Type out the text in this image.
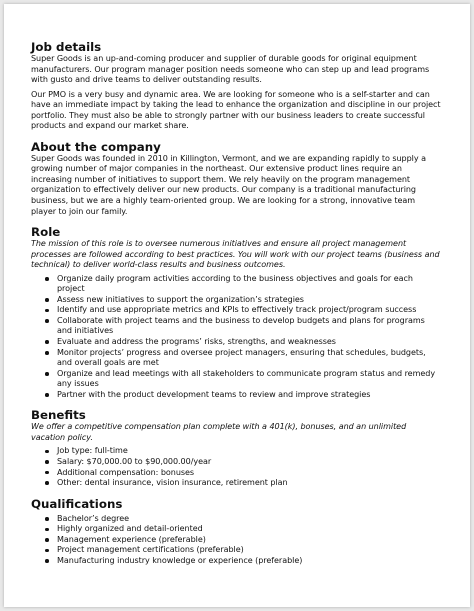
Job details

Super Goods is an up-and-coming producer and supplier of durable goods for original equipment manufacturers. Our program manager position needs someone who can step up and lead programs with gusto and drive teams to deliver outstanding results.

Our PMO is a very busy and dynamic area. We are looking for someone who is a self-starter and can have an immediate impact by taking the lead to enhance the organization and discipline in our project portfolio. They must also be able to strongly partner with our business leaders to create successful products and expand our market share.

About the company

Super Goods was founded in 2010 in Killington, Vermont, and we are expanding rapidly to supply a growing number of major companies in the northeast. Our extensive product lines require an increasing number of initiatives to support them. We rely heavily on the program management organization to effectively deliver our new products. Our company is a traditional manufacturing business, but we are a highly team-oriented group. We are looking for a strong, innovative team player to join our family.

Role

The mission of this role is to oversee numerous initiatives and ensure all project management processes are followed according to best practices. You will work with our project teams (business and technical) to deliver world-class results and business outcomes.

Organize daily program activities according to the business objectives and goals for each project
Assess new initiatives to support the organization’s strategies
Identify and use appropriate metrics and KPIs to effectively track project/program success
Collaborate with project teams and the business to develop budgets and plans for programs and initiatives
Evaluate and address the programs’ risks, strengths, and weaknesses
Monitor projects’ progress and oversee project managers, ensuring that schedules, budgets, and overall goals are met
Organize and lead meetings with all stakeholders to communicate program status and remedy any issues
Partner with the product development teams to review and improve strategies
Benefits

We offer a competitive compensation plan complete with a 401(k), bonuses, and an unlimited vacation policy.

Job type: full-time
Salary: $70,000.00 to $90,000.00/year
Additional compensation: bonuses
Other: dental insurance, vision insurance, retirement plan
Qualifications
Bachelor’s degree
Highly organized and detail-oriented
Management experience (preferable)
Project management certifications (preferable)
Manufacturing industry knowledge or experience (preferable)
